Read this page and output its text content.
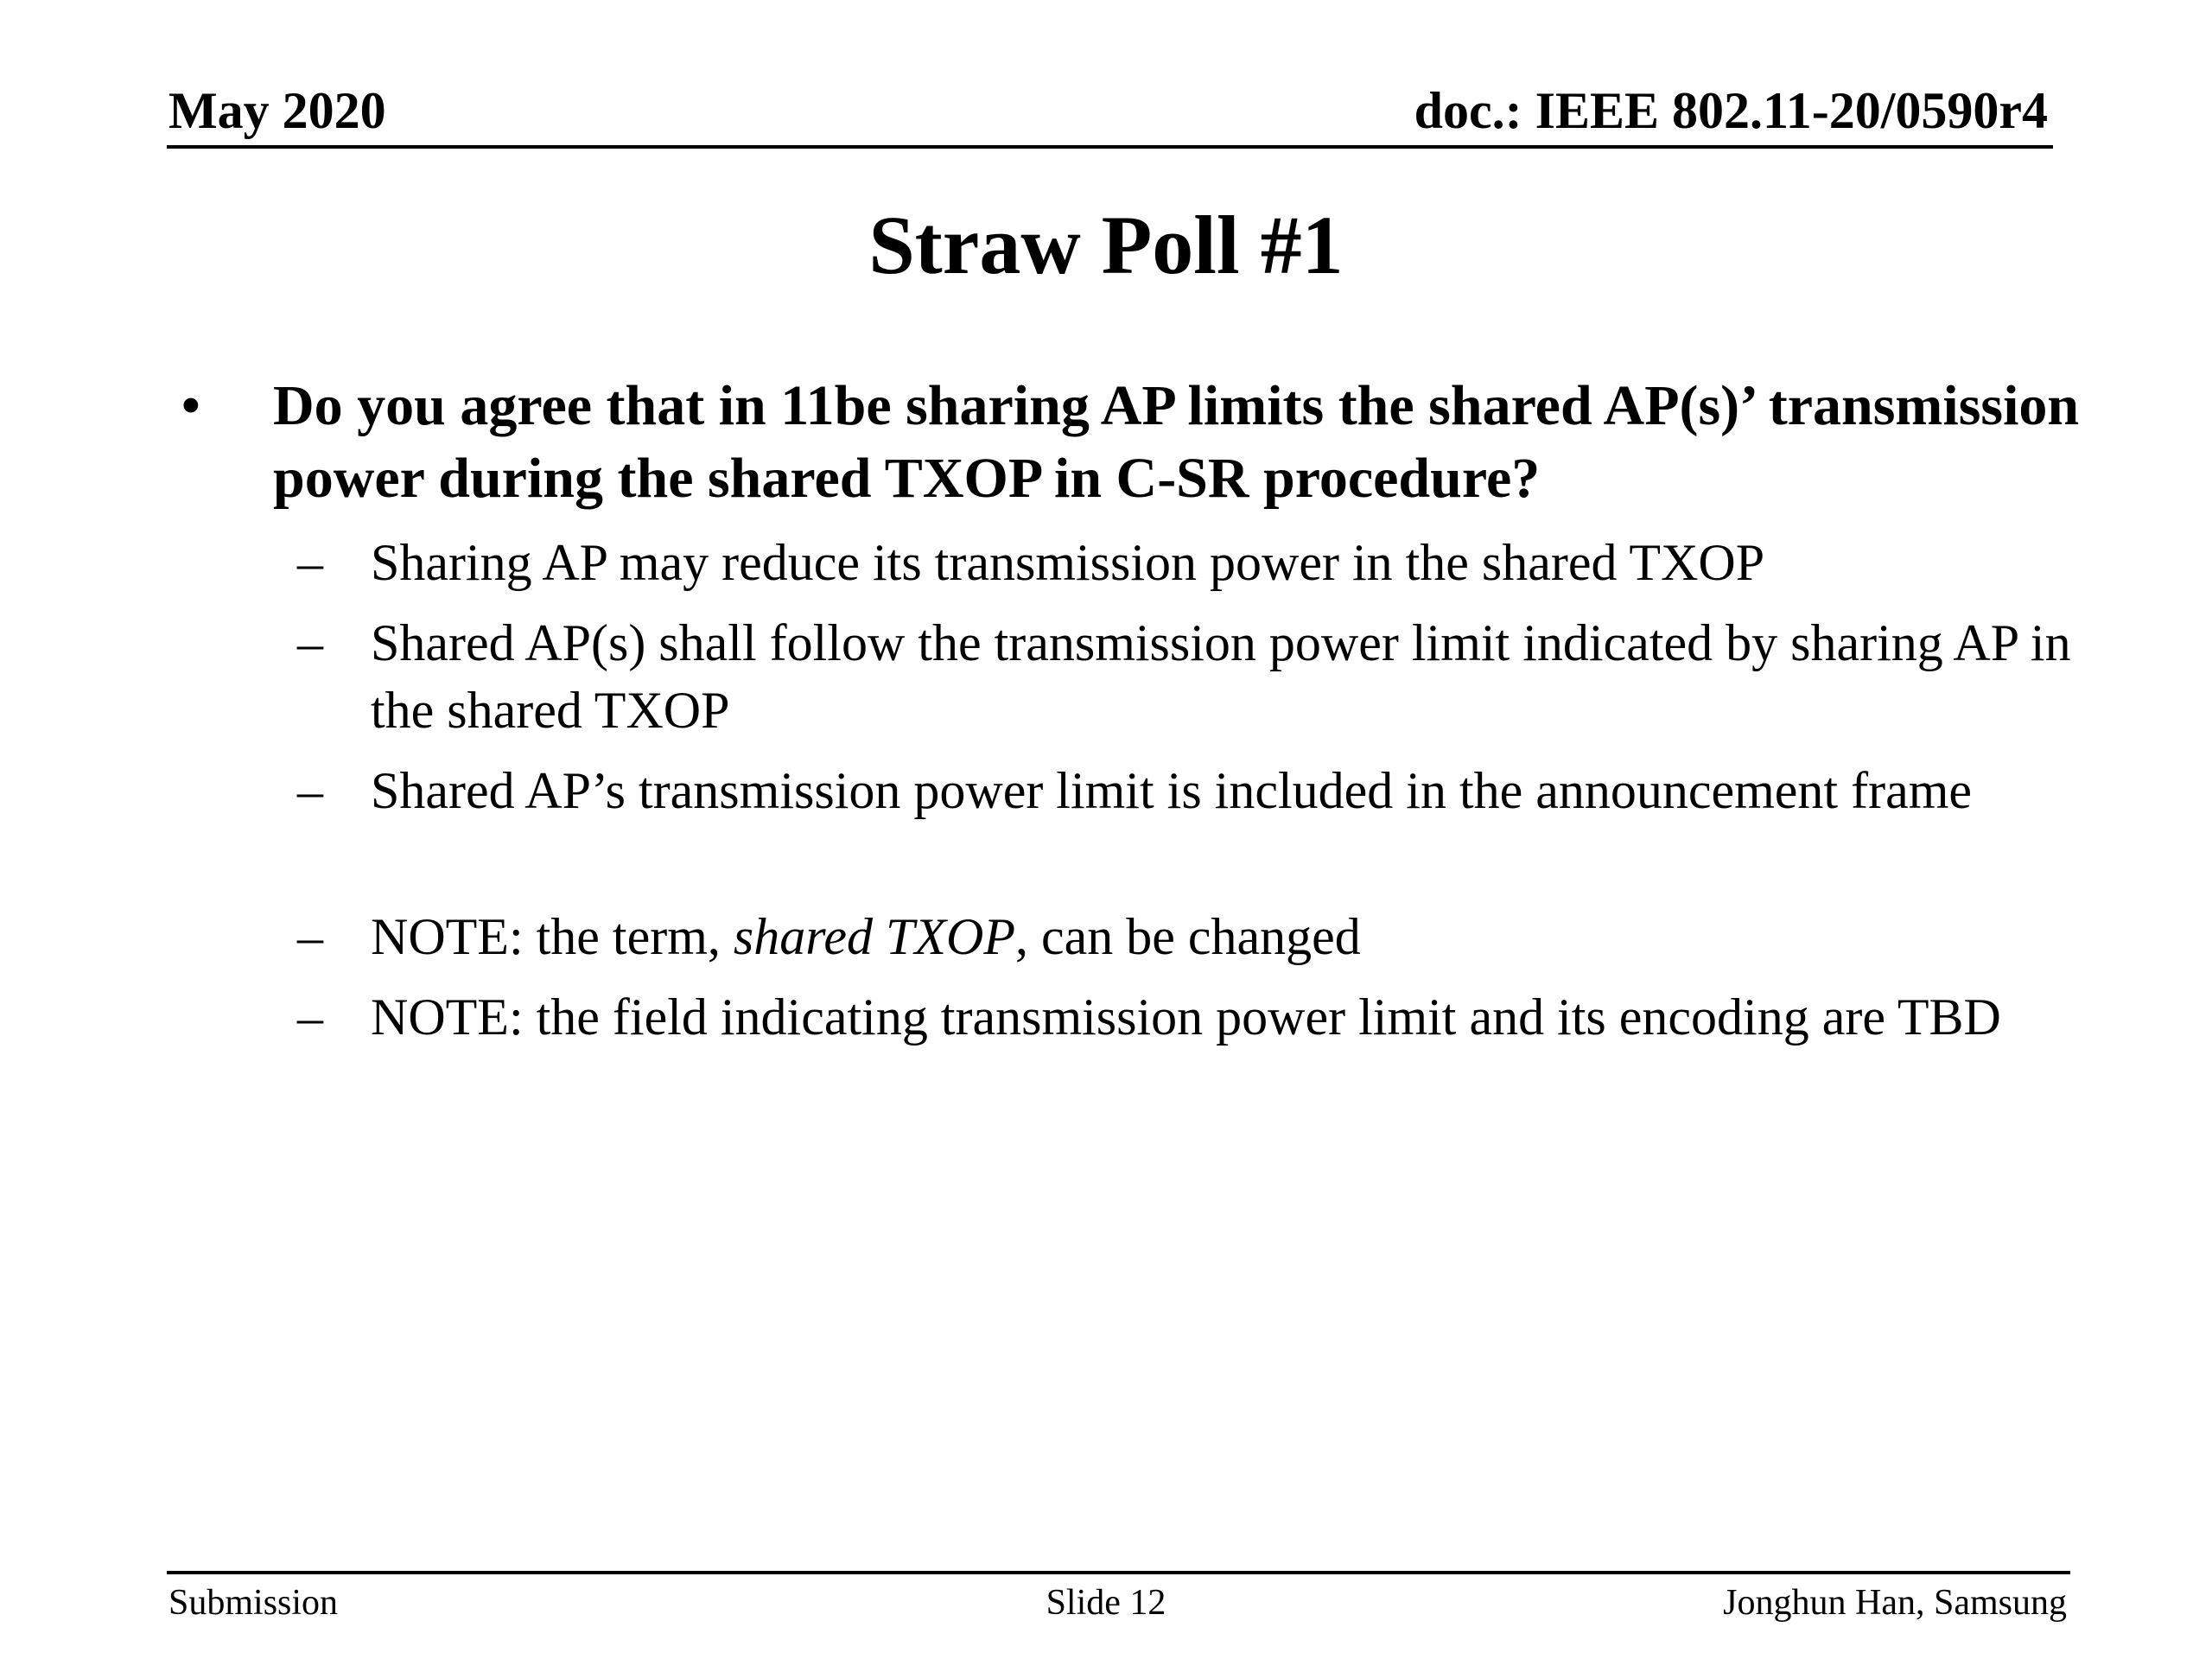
May 2020	doc.: IEEE 802.11-20/0590r4
Straw Poll #1
• Do you agree that in 11be sharing AP limits the shared AP(s)’ transmission power during the shared TXOP in C-SR procedure?
– Sharing AP may reduce its transmission power in the shared TXOP
– Shared AP(s) shall follow the transmission power limit indicated by sharing AP in the shared TXOP
– Shared AP’s transmission power limit is included in the announcement frame
– NOTE: the term, shared TXOP, can be changed
– NOTE: the field indicating transmission power limit and its encoding are TBD
Submission	Slide 12	Jonghun Han, Samsung
